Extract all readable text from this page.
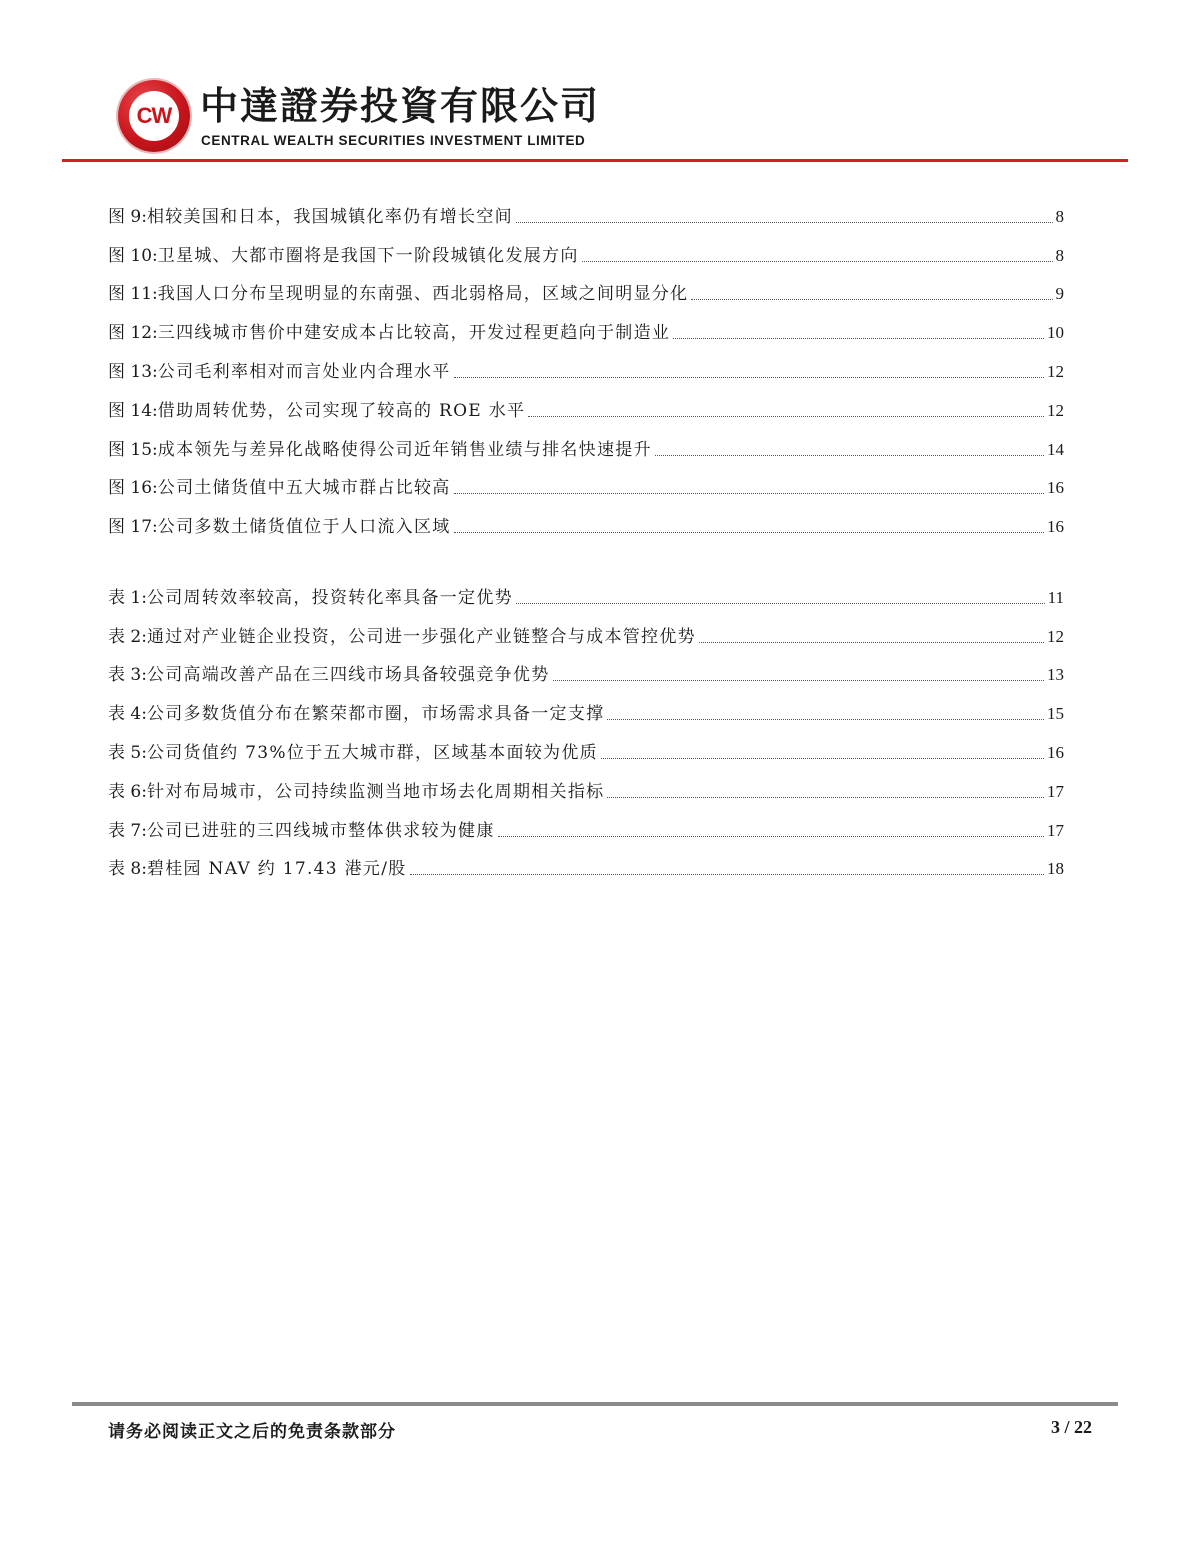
CW 中達證券投資有限公司

CENTRAL WEALTH SECURITIES INVESTMENT LIMITED

图 9: 相较美国和日本，我国城镇化率仍有增长空间	8
图 10: 卫星城、大都市圈将是我国下一阶段城镇化发展方向	8
图 11: 我国人口分布呈现明显的东南强、西北弱格局，区域之间明显分化	9
图 12: 三四线城市售价中建安成本占比较高，开发过程更趋向于制造业	10
图 13: 公司毛利率相对而言处业内合理水平	12
图 14: 借助周转优势，公司实现了较高的 ROE 水平	12
图 15: 成本领先与差异化战略使得公司近年销售业绩与排名快速提升	14
图 16: 公司土储货值中五大城市群占比较高	16
图 17: 公司多数土储货值位于人口流入区域	16
表 1: 公司周转效率较高，投资转化率具备一定优势	11
表 2: 通过对产业链企业投资，公司进一步强化产业链整合与成本管控优势	12
表 3: 公司高端改善产品在三四线市场具备较强竞争优势	13
表 4: 公司多数货值分布在繁荣都市圈，市场需求具备一定支撑	15
表 5: 公司货值约 73%位于五大城市群，区域基本面较为优质	16
表 6: 针对布局城市，公司持续监测当地市场去化周期相关指标	17
表 7: 公司已进驻的三四线城市整体供求较为健康	17
表 8: 碧桂园 NAV 约 17.43 港元/股	18
请务必阅读正文之后的免责条款部分	3 / 22
